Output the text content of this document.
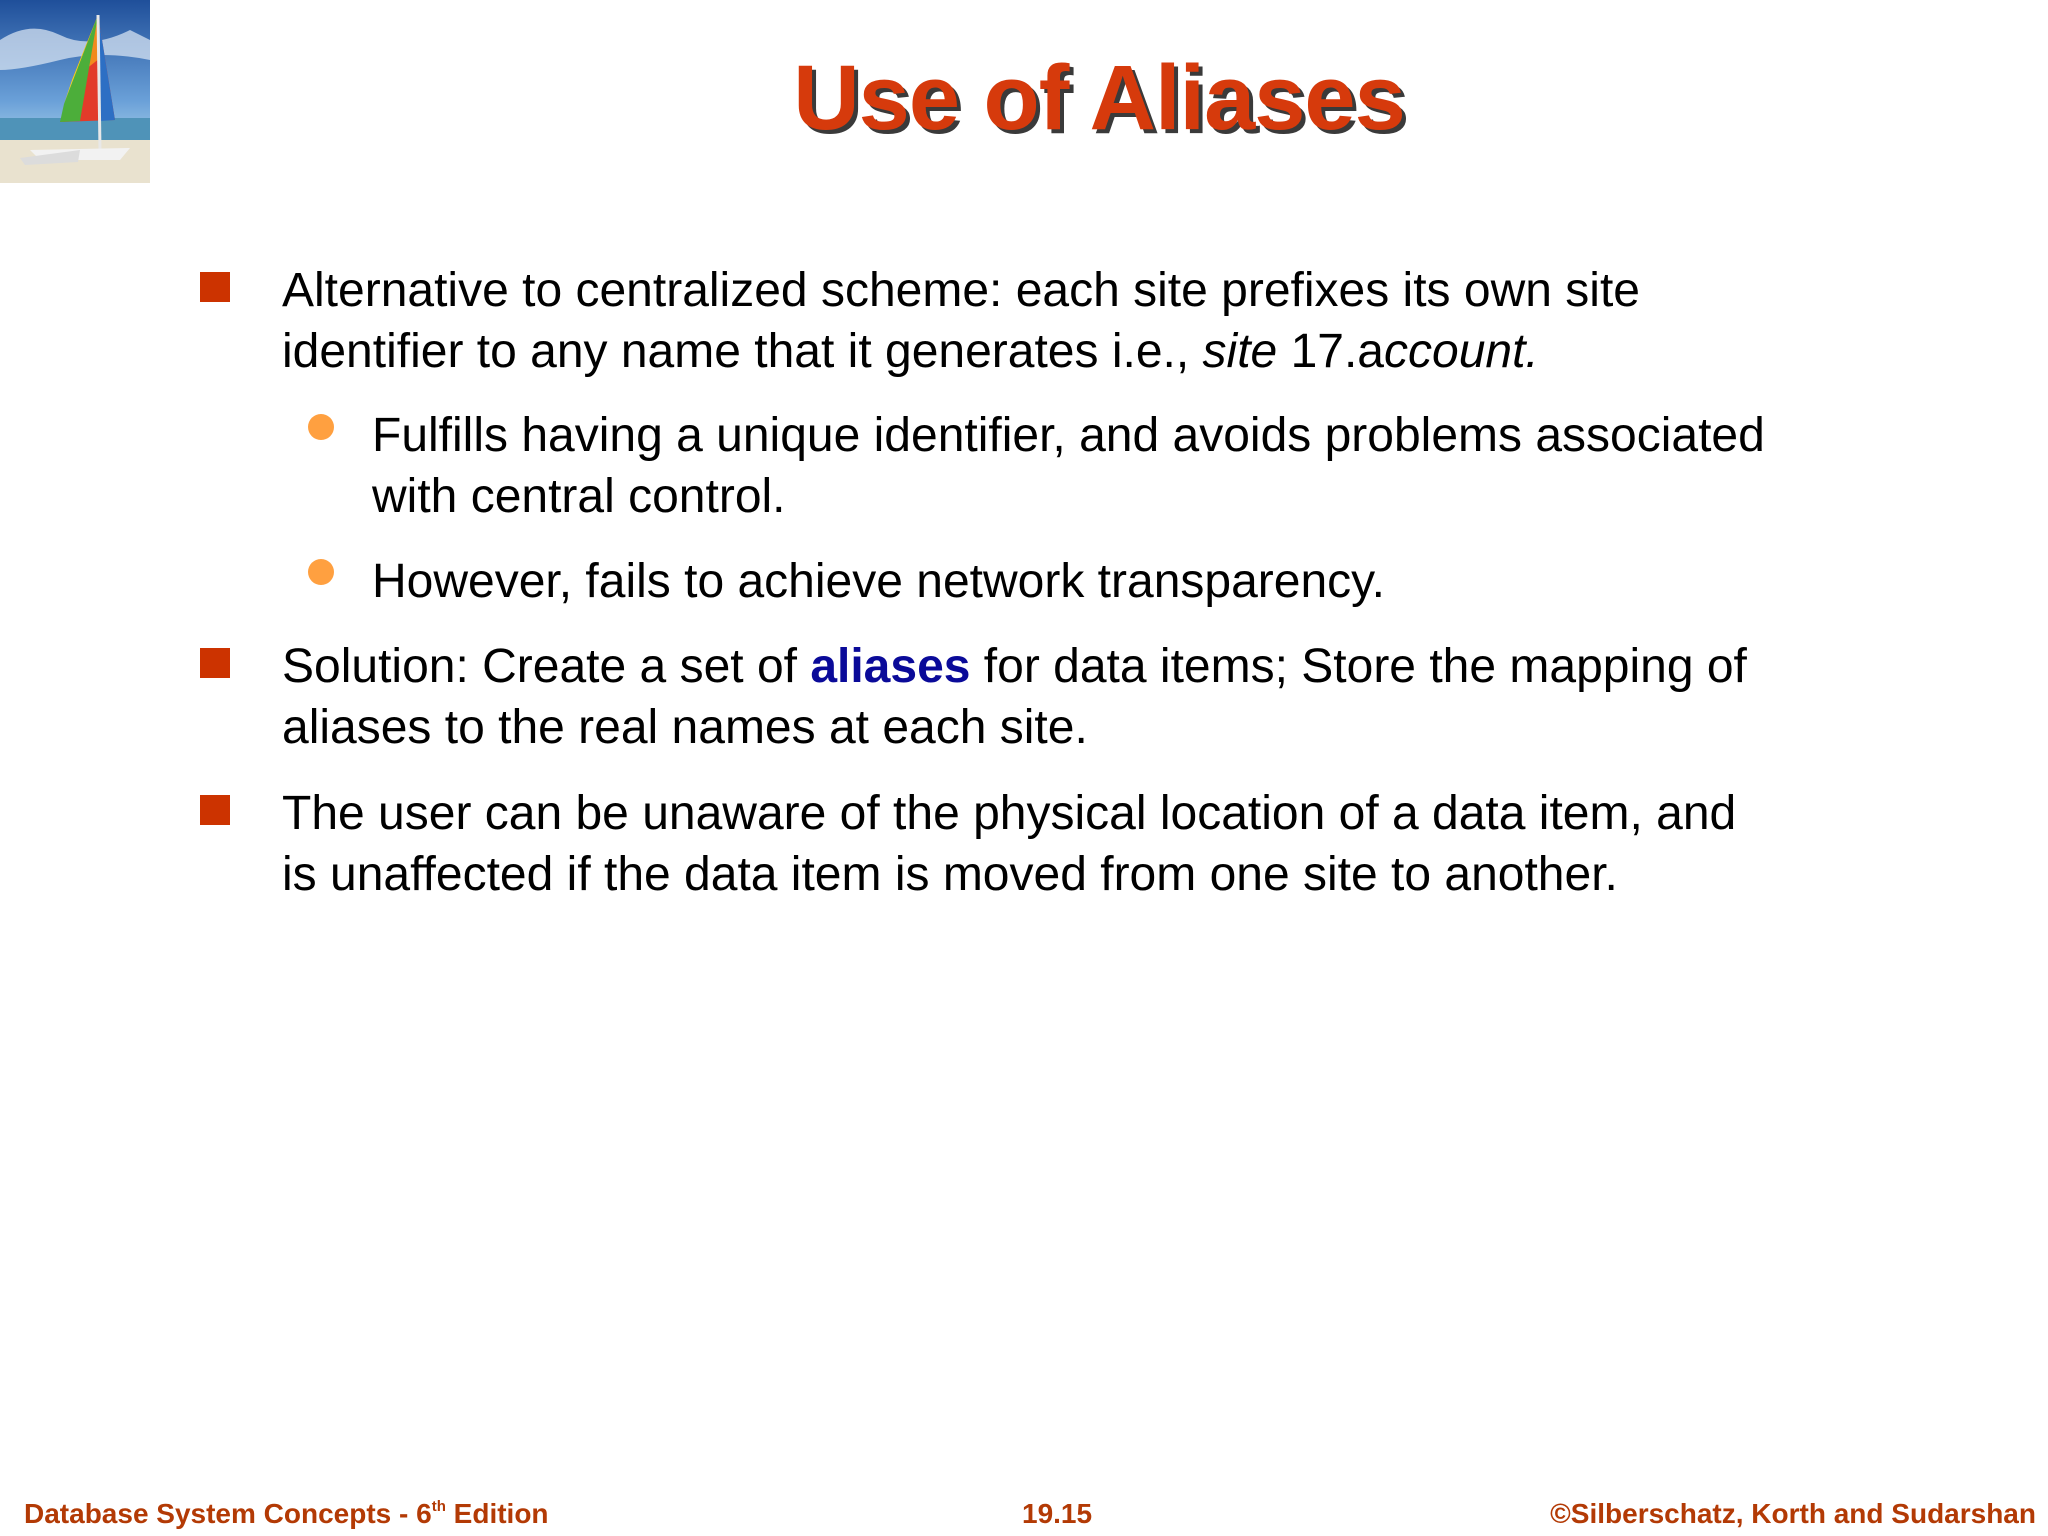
Use of Aliases
Alternative to centralized scheme: each site prefixes its own site
identifier to any name that it generates i.e., site 17.account.
Fulfills having a unique identifier, and avoids problems associated
with central control.
However, fails to achieve network transparency.
Solution: Create a set of aliases for data items; Store the mapping of
aliases to the real names at each site.
The user can be unaware of the physical location of a data item, and
is unaffected if the data item is moved from one site to another.
Database System Concepts - 6th Edition	19.15	©Silberschatz, Korth and Sudarshan
